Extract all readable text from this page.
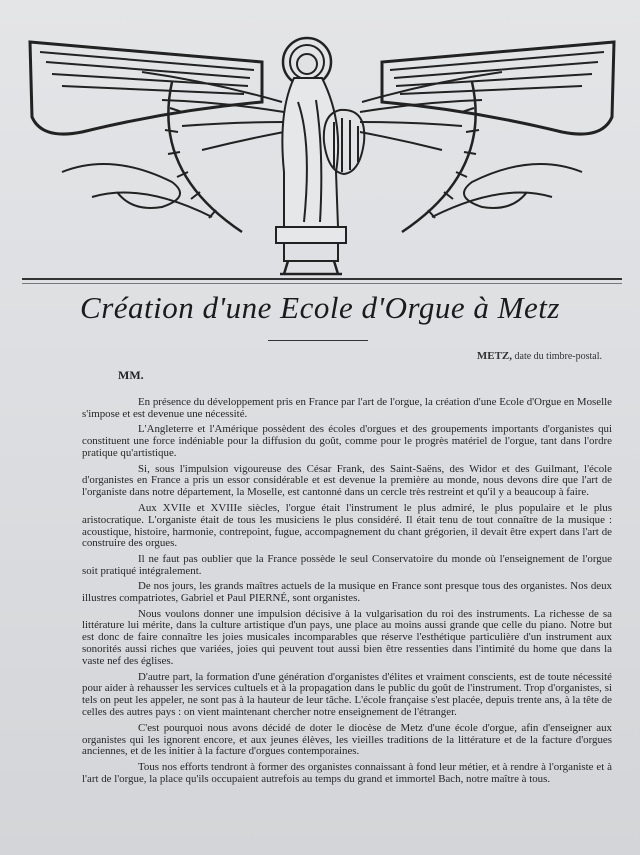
Création d'une Ecole d'Orgue à Metz
METZ, date du timbre-postal.
MM.

En présence du développement pris en France par l'art de l'orgue, la création d'une Ecole d'Orgue en Moselle s'impose et est devenue une nécessité.

L'Angleterre et l'Amérique possèdent des écoles d'orgues et des groupements importants d'organistes qui constituent une force indéniable pour la diffusion du goût, comme pour le progrès matériel de l'orgue, tant dans l'ordre pratique qu'artistique.

Si, sous l'impulsion vigoureuse des César Frank, des Saint-Saëns, des Widor et des Guilmant, l'école d'organistes en France a pris un essor considérable et est devenue la première au monde, nous devons dire que l'art de l'organiste dans notre département, la Moselle, est cantonné dans un cercle très restreint et qu'il y a beaucoup à faire.

Aux XVIIe et XVIIIe siècles, l'orgue était l'instrument le plus admiré, le plus populaire et le plus aristocratique. L'organiste était de tous les musiciens le plus considéré. Il était tenu de tout connaître de la musique : acoustique, histoire, harmonie, contrepoint, fugue, accompagnement du chant grégorien, il devait être expert dans l'art de construire des orgues.

Il ne faut pas oublier que la France possède le seul Conservatoire du monde où l'enseignement de l'orgue soit pratiqué intégralement.

De nos jours, les grands maîtres actuels de la musique en France sont presque tous des organistes. Nos deux illustres compatriotes, Gabriel et Paul PIERNÉ, sont organistes.

Nous voulons donner une impulsion décisive à la vulgarisation du roi des instruments. La richesse de sa littérature lui mérite, dans la culture artistique d'un pays, une place au moins aussi grande que celle du piano. Notre but est donc de faire connaître les joies musicales incomparables que réserve l'esthétique particulière d'un instrument aux sonorités aussi riches que variées, joies qui peuvent tout aussi bien être ressenties dans l'intimité du home que dans la vaste nef des églises.

D'autre part, la formation d'une génération d'organistes d'élites et vraiment conscients, est de toute nécessité pour aider à rehausser les services cultuels et à la propagation dans le public du goût de l'instrument. Trop d'organistes, si tels on peut les appeler, ne sont pas à la hauteur de leur tâche. L'école française s'est placée, depuis trente ans, à la tête de celles des autres pays : on vient maintenant chercher notre enseignement de l'étranger.

C'est pourquoi nous avons décidé de doter le diocèse de Metz d'une école d'orgue, afin d'enseigner aux organistes qui les ignorent encore, et aux jeunes élèves, les vieilles traditions de la littérature et de la facture d'orgues anciennes, et de les initier à la facture d'orgues contemporaines.

Tous nos efforts tendront à former des organistes connaissant à fond leur métier, et à rendre à l'organiste et à l'art de l'orgue, la place qu'ils occupaient autrefois au temps du grand et immortel Bach, notre maître à tous.
